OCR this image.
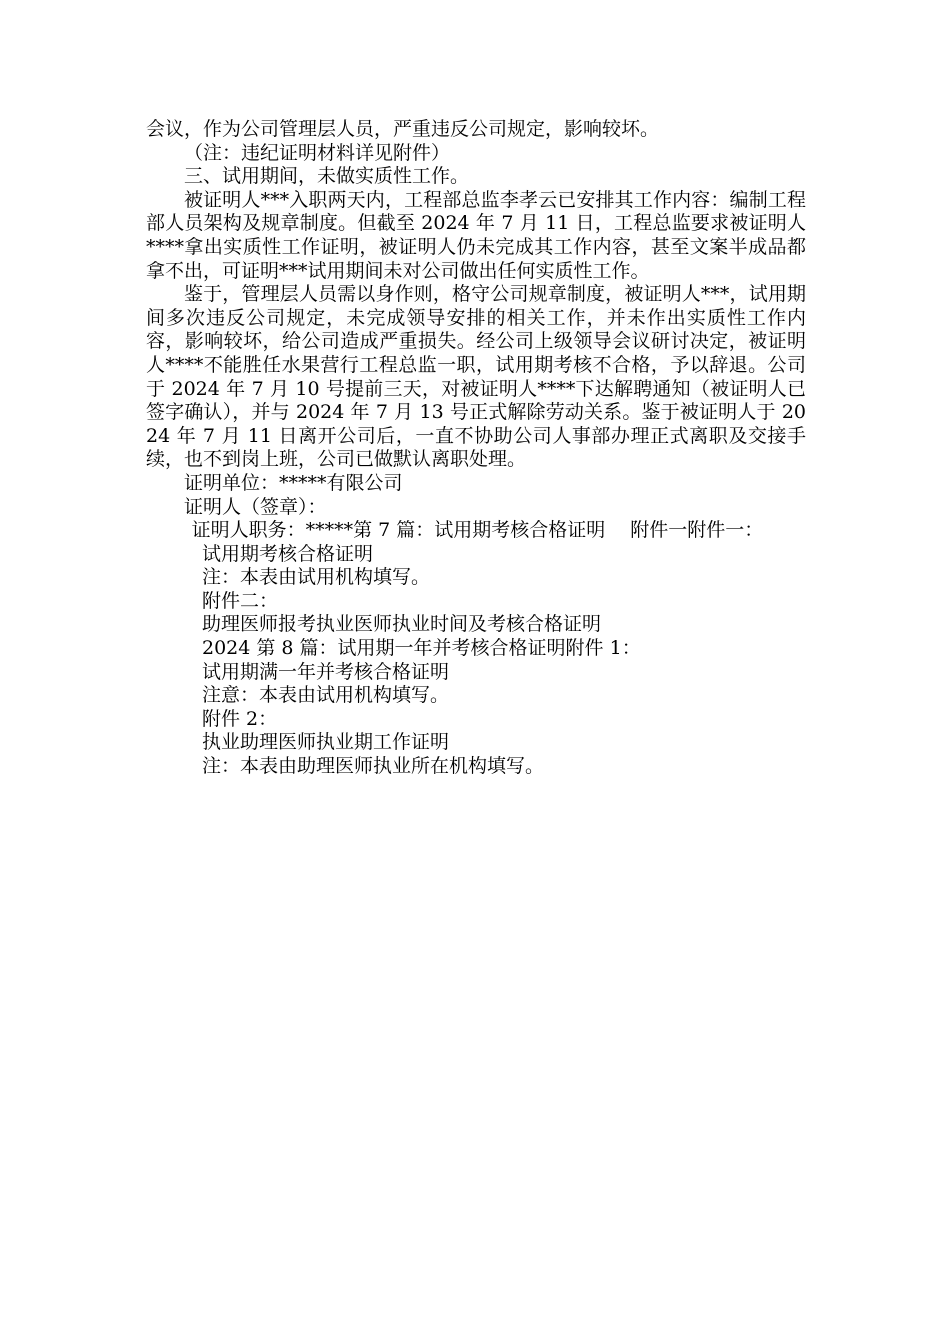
会议，作为公司管理层人员，严重违反公司规定，影响较坏。

（注：违纪证明材料详见附件）

三、试用期间，未做实质性工作。

被证明人***入职两天内，工程部总监李孝云已安排其工作内容：编制工程部人员架构及规章制度。但截至 2024 年 7 月 11 日，工程总监要求被证明人****拿出实质性工作证明，被证明人仍未完成其工作内容，甚至文案半成品都拿不出，可证明***试用期间未对公司做出任何实质性工作。

鉴于，管理层人员需以身作则，格守公司规章制度，被证明人***，试用期间多次违反公司规定，未完成领导安排的相关工作，并未作出实质性工作内容，影响较坏，给公司造成严重损失。经公司上级领导会议研讨决定，被证明人****不能胜任水果营行工程总监一职，试用期考核不合格，予以辞退。公司于 2024 年 7 月 10 号提前三天，对被证明人****下达解聘通知（被证明人已签字确认），并与 2024 年 7 月 13 号正式解除劳动关系。鉴于被证明人于 2024 年 7 月 11 日离开公司后，一直不协助公司人事部办理正式离职及交接手续，也不到岗上班，公司已做默认离职处理。

证明单位：*****有限公司

证明人（签章）：

证明人职务：*****第 7 篇：试用期考核合格证明　 附件一附件一：

试用期考核合格证明

注：本表由试用机构填写。

附件二：

助理医师报考执业医师执业时间及考核合格证明

2024 第 8 篇：试用期一年并考核合格证明附件 1：

试用期满一年并考核合格证明

注意：本表由试用机构填写。

附件 2：

执业助理医师执业期工作证明

注：本表由助理医师执业所在机构填写。
